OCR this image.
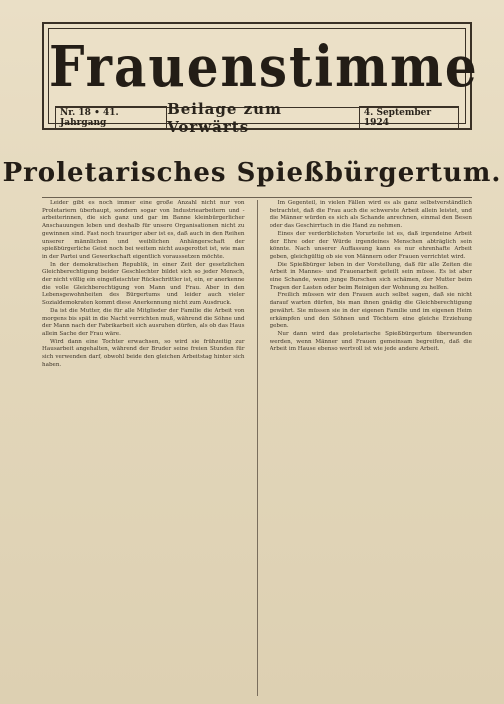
Frauenstimme
Nr. 18 • 41. Jahrgang
Beilage zum Vorwärts
4. September 1924
Proletarisches Spießbürgertum.

Leider gibt es noch immer eine große Anzahl nicht nur von Proletariern überhaupt, sondern sogar von Industriearbeitern und -arbeiterinnen, die sich ganz und gar im Banne kleinbürgerlicher Anschauungen leben und deshalb für unsere Organisationen nicht zu gewinnen sind. Fast noch trauriger aber ist es, daß auch in den Reihen unserer männlichen und weiblichen Anhängerschaft der spießbürgerliche Geist noch bei weitem nicht ausgerottet ist, wie man in der Partei und Gewerkschaft eigentlich voraussetzen möchte.

In der demokratischen Republik, in einer Zeit der gesetzlichen Gleichberechtigung beider Geschlechter bildet sich so jeder Mensch, der nicht völlig ein eingefleischter Rückschrittler ist, ein, er anerkenne die volle Gleichberechtigung von Mann und Frau. Aber in den Lebensgewohnheiten des Bürgertums und leider auch vieler Sozialdemokraten kommt diese Anerkennung nicht zum Ausdruck.

Da ist die Mutter, die für alle Mitglieder der Familie die Arbeit von morgens bis spät in die Nacht verrichten muß, während die Söhne und der Mann nach der Fabrikarbeit sich ausruhen dürfen, als ob das Haus allein Sache der Frau wäre.

Wird dann eine Tochter erwachsen, so wird sie frühzeitig zur Hausarbeit angehalten, während der Bruder seine freien Stunden für sich verwenden darf, obwohl beide den gleichen Arbeitstag hinter sich haben.

Im Gegenteil, in vielen Fällen wird es als ganz selbstverständlich betrachtet, daß die Frau auch die schwerste Arbeit allein leistet, und die Männer würden es sich als Schande anrechnen, einmal den Besen oder das Geschirrtuch in die Hand zu nehmen.

Eines der verderblichsten Vorurteile ist es, daß irgendeine Arbeit der Ehre oder der Würde irgendeines Menschen abträglich sein könnte. Nach unserer Auffassung kann es nur ehrenhafte Arbeit geben, gleichgültig ob sie von Männern oder Frauen verrichtet wird.

Die Spießbürger leben in der Vorstellung, daß für alle Zeiten die Arbeit in Mannes- und Frauenarbeit geteilt sein müsse. Es ist aber eine Schande, wenn junge Burschen sich schämen, der Mutter beim Tragen der Lasten oder beim Reinigen der Wohnung zu helfen.

Freilich müssen wir den Frauen auch selbst sagen, daß sie nicht darauf warten dürfen, bis man ihnen gnädig die Gleichberechtigung gewährt. Sie müssen sie in der eigenen Familie und im eigenen Heim erkämpfen und den Söhnen und Töchtern eine gleiche Erziehung geben.

Nur dann wird das proletarische Spießbürgertum überwunden werden, wenn Männer und Frauen gemeinsam begreifen, daß die Arbeit im Hause ebenso wertvoll ist wie jede andere Arbeit.
